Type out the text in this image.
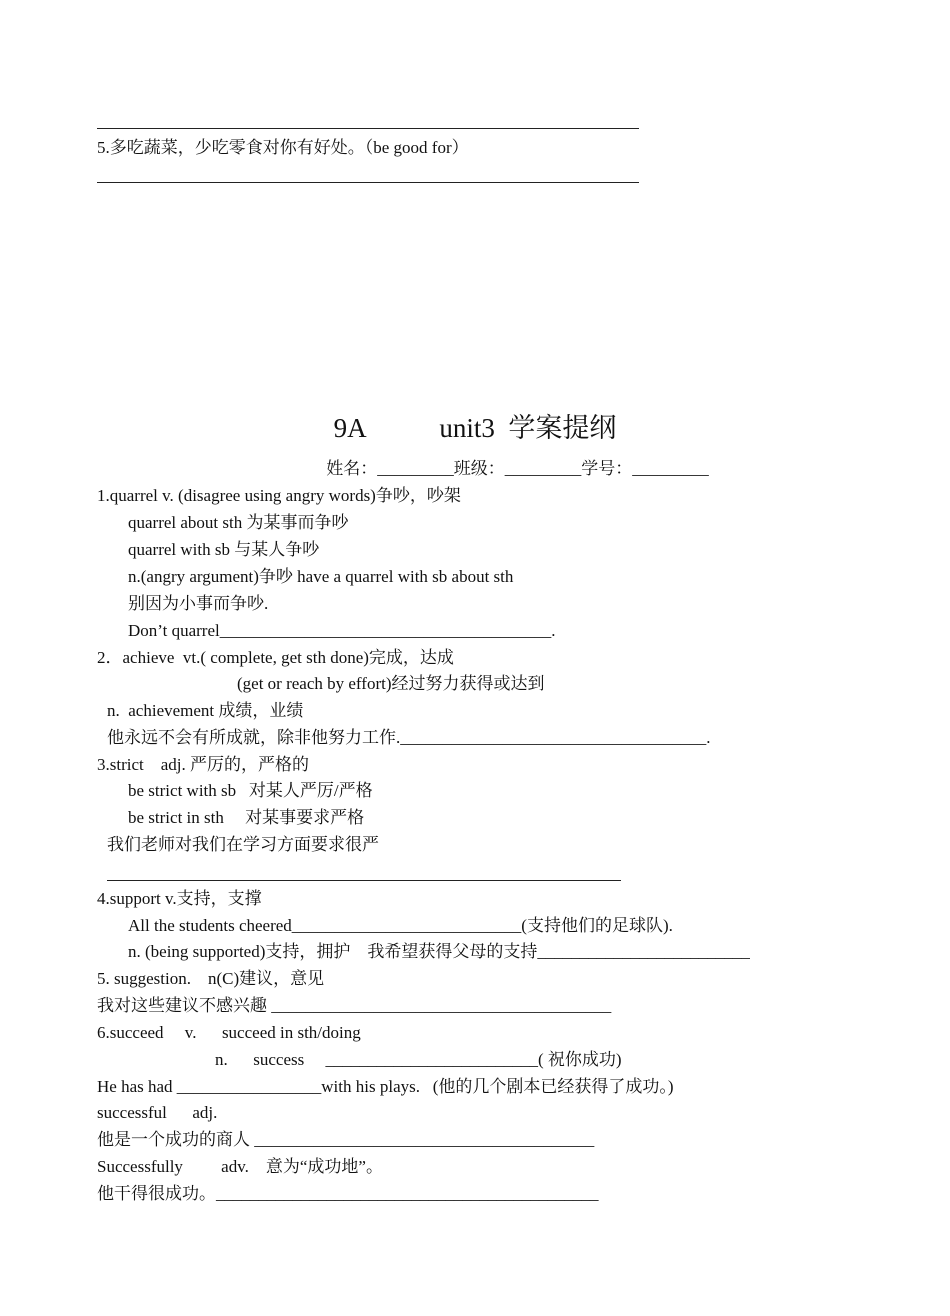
5.多吃蔬菜，少吃零食对你有好处。（be good for）
9A           unit3  学案提纲
姓名：_________班级：_________学号：_________
1.quarrel v. (disagree using angry words)争吵，吵架
quarrel about sth 为某事而争吵
quarrel with sb 与某人争吵
n.(angry argument)争吵 have a quarrel with sb about sth
别因为小事而争吵.
Don’t quarrel_______________________________________.
2．achieve  vt.( complete, get sth done)完成，达成
(get or reach by effort)经过努力获得或达到
n.  achievement 成绩，业绩
他永远不会有所成就，除非他努力工作.____________________________________.
3.strict    adj. 严厉的，严格的
be strict with sb   对某人严厉/严格
be strict in sth     对某事要求严格
我们老师对我们在学习方面要求很严
4.support v.支持，支撑
All the students cheered___________________________(支持他们的足球队).
n. (being supported)支持，拥护    我希望获得父母的支持_________________________
5. suggestion.    n(C)建议，意见
我对这些建议不感兴趣 ________________________________________
6.succeed     v.      succeed in sth/doing
n.      success     _________________________( 祝你成功)
He has had _________________with his plays.   (他的几个剧本已经获得了成功。)
successful      adj.
他是一个成功的商人 ________________________________________
Successfully         adv.    意为“成功地”。
他干得很成功。_____________________________________________
